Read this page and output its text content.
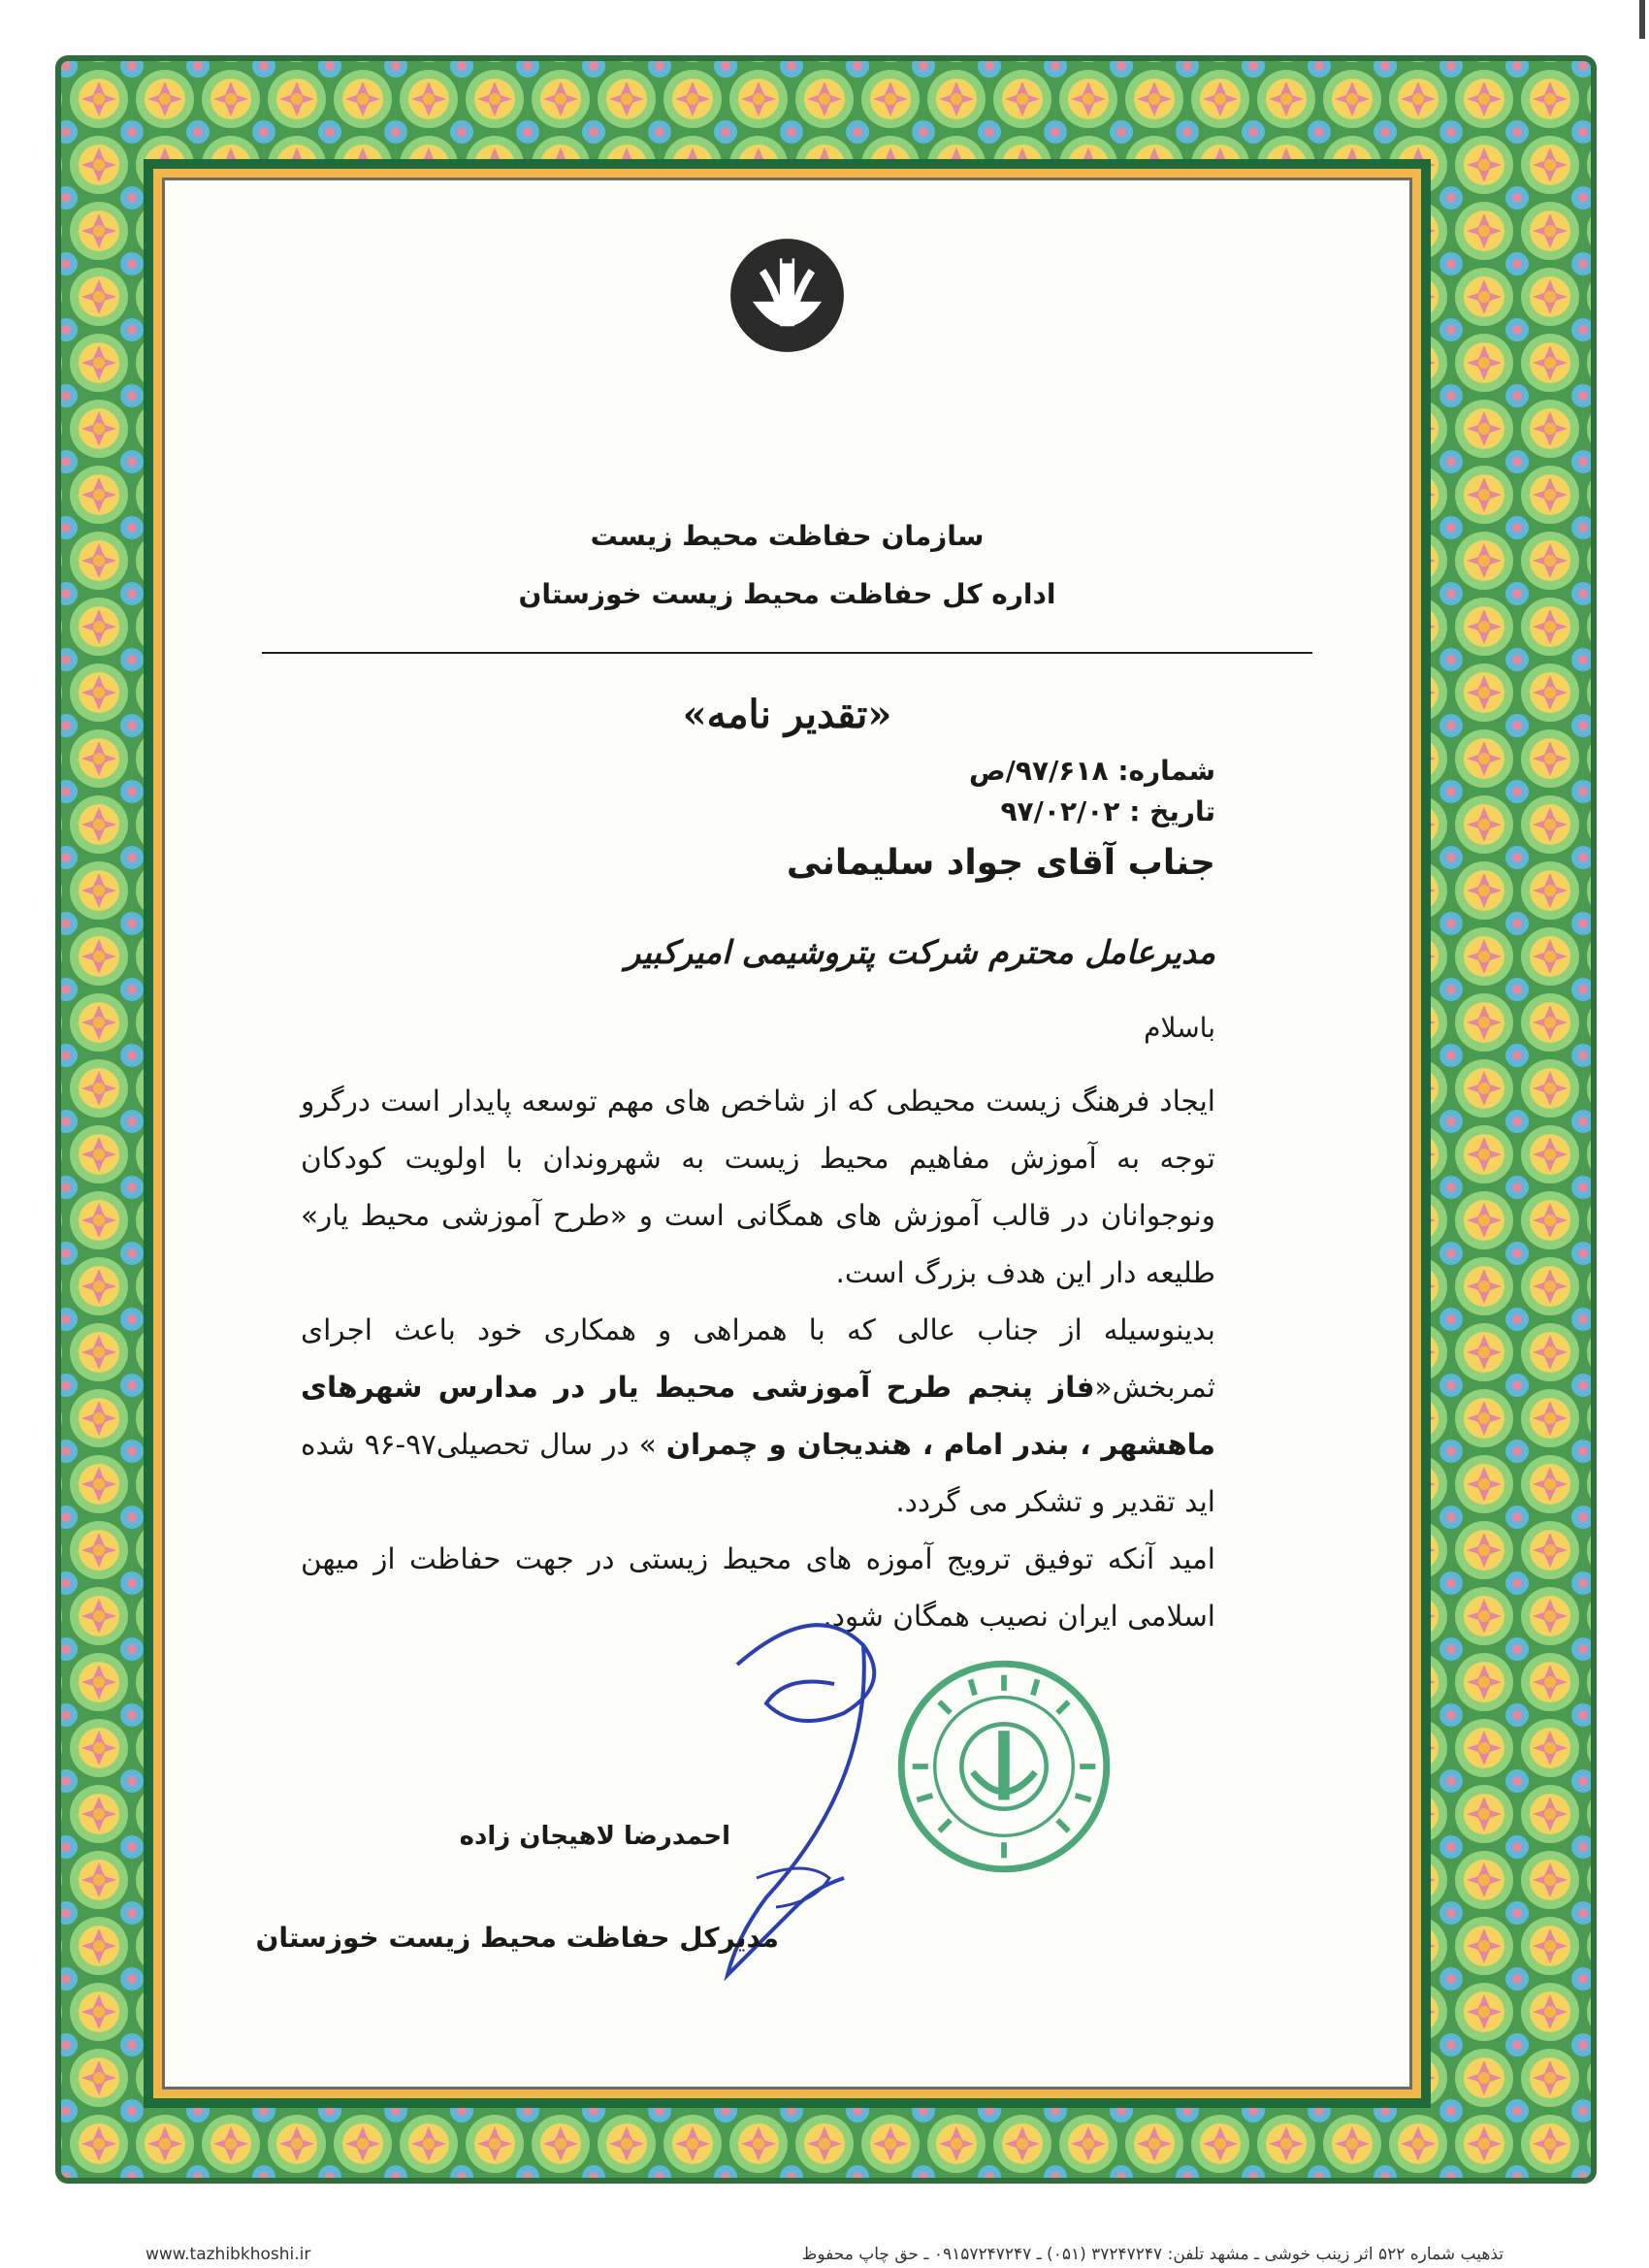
سازمان حفاظت محیط زیست
اداره کل حفاظت محیط زیست خوزستان
«تقدیر نامه»
شماره: ۹۷/۶۱۸/ص
تاریخ : ۹۷/۰۲/۰۲
جناب آقای جواد سلیمانی
مدیرعامل محترم شرکت پتروشیمی امیرکبیر
باسلام

ایجاد فرهنگ زیست محیطی که از شاخص های مهم توسعه پایدار است درگرو توجه به آموزش مفاهیم محیط زیست به شهروندان با اولویت کودکان ونوجوانان در قالب آموزش های همگانی است و «طرح آموزشی محیط یار» طلیعه دار این هدف بزرگ است.

بدینوسیله از جناب عالی که با همراهی و همکاری خود باعث اجرای ثمربخش«فاز پنجم طرح آموزشی محیط یار در مدارس شهرهای ماهشهر ، بندر امام ، هندیجان و چمران » در سال تحصیلی۹۷-۹۶ شده اید تقدیر و تشکر می گردد.

امید آنکه توفیق ترویج آموزه های محیط زیستی در جهت حفاظت از میهن اسلامی ایران نصیب همگان شود.

احمدرضا لاهیجان زاده
مدیرکل حفاظت محیط زیست خوزستان
www.tazhibkhoshi.ir	تذهیب شماره ۵۲۲ اثر زینب خوشی ـ مشهد تلفن: ۳۷۲۴۷۲۴۷ (۰۵۱) ـ ۰۹۱۵۷۲۴۷۲۴۷ ـ حق چاپ محفوظ
